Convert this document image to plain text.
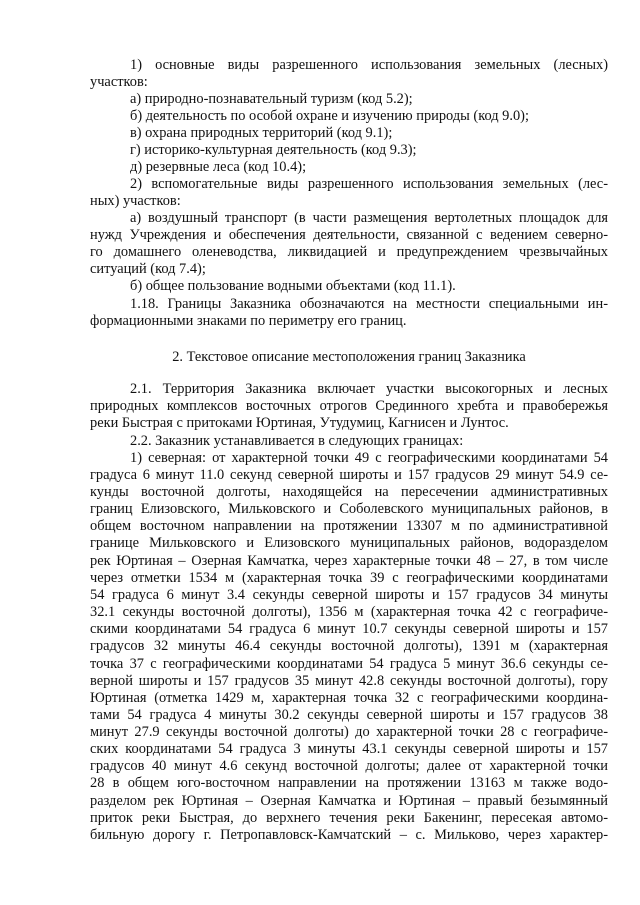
1) основные виды разрешенного использования земельных (лесных)
участков:
а) природно-познавательный туризм (код 5.2);
б) деятельность по особой охране и изучению природы (код 9.0);
в) охрана природных территорий (код 9.1);
г) историко-культурная деятельность (код 9.3);
д) резервные леса (код 10.4);
2) вспомогательные виды разрешенного использования земельных (лес-
ных) участков:
а) воздушный транспорт (в части размещения вертолетных площадок для
нужд Учреждения и обеспечения деятельности, связанной с ведением северно-
го домашнего оленеводства, ликвидацией и предупреждением чрезвычайных
ситуаций (код 7.4);
б) общее пользование водными объектами (код 11.1).
1.18. Границы Заказника обозначаются на местности специальными ин-
формационными знаками по периметру его границ.
2. Текстовое описание местоположения границ Заказника
2.1. Территория Заказника включает участки высокогорных и лесных
природных комплексов восточных отрогов Срединного хребта и правобережья
реки Быстрая с притоками Юртиная, Утудумиц, Кагнисен и Лунтос.
2.2. Заказник устанавливается в следующих границах:
1) северная: от характерной точки 49 с географическими координатами 54
градуса 6 минут 11.0 секунд северной широты и 157 градусов 29 минут 54.9 се-
кунды восточной долготы, находящейся на пересечении административных
границ Елизовского, Мильковского и Соболевского муниципальных районов, в
общем восточном направлении на протяжении 13307 м по административной
границе Мильковского и Елизовского муниципальных районов, водоразделом
рек Юртиная – Озерная Камчатка, через характерные точки 48 – 27, в том числе
через отметки 1534 м (характерная точка 39 с географическими координатами
54 градуса 6 минут 3.4 секунды северной широты и 157 градусов 34 минуты
32.1 секунды восточной долготы), 1356 м (характерная точка 42 с географиче-
скими координатами 54 градуса 6 минут 10.7 секунды северной широты и 157
градусов 32 минуты 46.4 секунды восточной долготы), 1391 м (характерная
точка 37 с географическими координатами 54 градуса 5 минут 36.6 секунды се-
верной широты и 157 градусов 35 минут 42.8 секунды восточной долготы), гору
Юртиная (отметка 1429 м, характерная точка 32 с географическими координа-
тами 54 градуса 4 минуты 30.2 секунды северной широты и 157 градусов 38
минут 27.9 секунды восточной долготы) до характерной точки 28 с географиче-
ских координатами 54 градуса 3 минуты 43.1 секунды северной широты и 157
градусов 40 минут 4.6 секунд восточной долготы; далее от характерной точки
28 в общем юго-восточном направлении на протяжении 13163 м также водо-
разделом рек Юртиная – Озерная Камчатка и Юртиная – правый безымянный
приток реки Быстрая, до верхнего течения реки Бакенинг, пересекая автомо-
бильную дорогу г. Петропавловск-Камчатский – с. Мильково, через характер-
